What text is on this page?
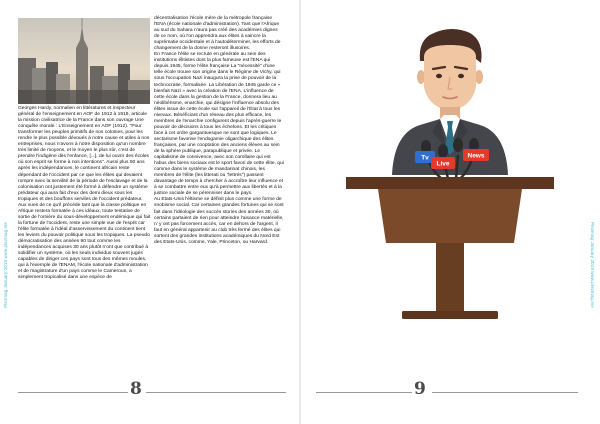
Georges Hardy, normalien en littératures et inspecteur général de l'enseignement en AOF de 1912 à 1919, articule la mission civilisatrice de la France dans son ouvrage Une conquête morale : L'Enseignement en AOF (1912). "Pour transformer les peuples primitifs de nos colonies, pour les rendre le plus possible dévoués à notre cause et utiles à nos entreprises, nous n'avons à notre disposition qu'un nombre très limité de moyens, et le moyen le plus sûr, c'est de prendre l'indigène dès l'enfance, [...], de lui ouvrir des écoles où son esprit se forme à nos intentions". Aussi plus 50 ans après les indépendances, le continent africain reste dépendant de l'occident par ce que les élites qui devaient rompre avec la servilité de la période de l'esclavage et de la colonisation ont justement été formé à défendre un système prédateur qui aura fait d'eux des demi dieux sous les tropiques et des bouffons serviles de l'occident prédateur. Aux vues de ce qu'il précède tant que la classe politique en Afrique restera formatée à ces idéaux, toute tentative de sortie de l'ornière du sous-développement endémique qui fait la fortune de l'occident, reste une simple vue de l'esprit car l'élite formatée à l'idéal d'asservissement du continent tient les leviers du pouvoir politique sous les tropiques. La pseudo démocratisation des années 90 tout comme les indépendances acquises 30 ans plutôt n'ont que contribué à solidifier un système, où les seuls individus souvent jugés capables de diriger ces pays sont tous des mêmes moules, qui à l'exemple de l'ENAM, l'école nationale d'administration et de magistrature d'un pays comme le Cameroun, a simplement tropicalisé dans une espèce de

8

décentralisation l'école mère de la métropole française l'ENA (école nationale d'administration). Tant que l'Afrique au sud du Sahara n'aura pas créé des académies dignes de ce nom, où l'on apprendra aux élites à vaincre la suprématie occidentale et à l'autodéterminer, les efforts de changement de la donne resteront illusoires.

En France l'élite se recrute en générale au sein des institutions élitistes dont la plus fameuse est l'ENA qui depuis 1945, forme l'élite française La "nécessité" d'une telle école trouve son origine dans le Régime de Vichy, qui sous l'occupation Nazi inaugura la prise de pouvoir de la technocratie, formalisée. La Libération de 1945 garde ce « bienfait Nazi » avec la création de l'ENA. L'influence de cette école dans la gestion de la France, donnera lieu au néolibérisme, enarchie, qui désigne l'influence absolu des élites issue de cette école sur l'appareil de l'État à tous les niveaux. Bénéficiant d'un réseau des plus efficace, les membres de l'enarchie configurent depuis l'après-guerre le pouvoir de décisions à tous les échelons. Et les critiques face à cet ordre gargantuesque ne sont que logiques. Le sectarisme favorise l'endogamie oligarchique des élites françaises, par une cooptation des anciens élèves au sein de la sphère publique, parapublique et privée. Le capitalisme de connivence, avec son corollaire qui est l'abus des biens sociaux est le sport favori de cette élite, qui comme dans le système de mandarinat chinois, les membres de l'élite (les litterati ou "lettrés") passent davantage de temps à chercher à accroître leur influence et à se combattre entre eux qu'à permettre aux libertés et à la justice sociale de se pérenniser dans le pays.

Au Etats-Unis l'éltisme se définit plus comme une forme de snobisme social. Car certaines grandes fortunes qui se sont fait dans l'idéologie des succès stories des années 30, où certains partaient de rien pour atteindre l'aisance matérielle, n' y ont pas forcement accès, car en dehors de l'argent, il faut en général appartenir au club très fermé des élites qui sortent des grandes institutions académiques du Nord Est des Etats-Unis, comme, Yale, Princeton, ou Harvard.

Plezmag January 2019 www.plezmag.me	Plezmag January 2019 www.plezmag.me
Tv
Live
News
9
